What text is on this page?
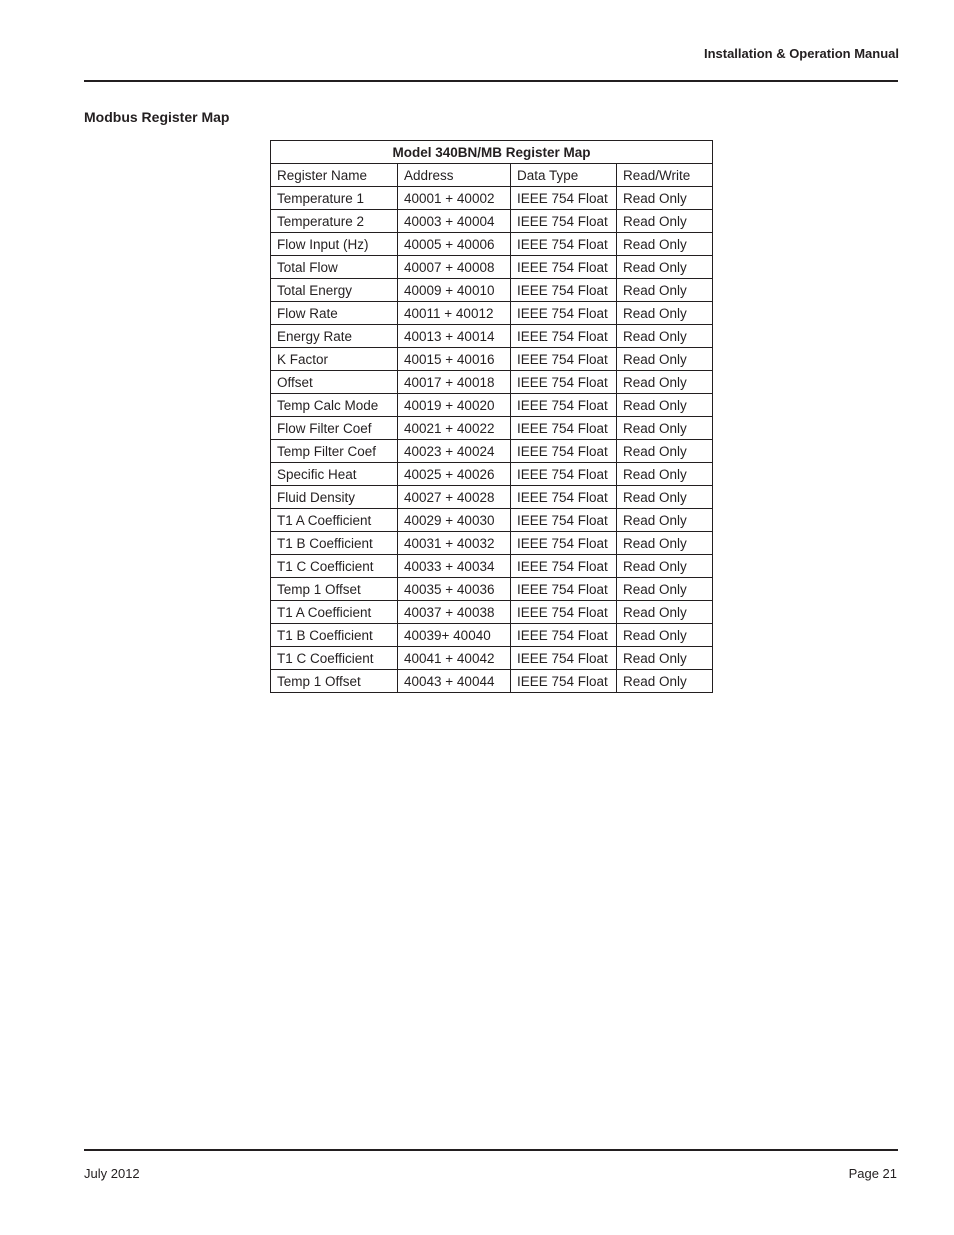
Installation & Operation Manual
Modbus Register Map
Model 340BN/MB Register Map			
Register Name	Address	Data Type	Read/Write
Temperature 1	40001 + 40002	IEEE 754 Float	Read Only
Temperature 2	40003 + 40004	IEEE 754 Float	Read Only
Flow Input (Hz)	40005 + 40006	IEEE 754 Float	Read Only
Total Flow	40007 + 40008	IEEE 754 Float	Read Only
Total Energy	40009 + 40010	IEEE 754 Float	Read Only
Flow Rate	40011 + 40012	IEEE 754 Float	Read Only
Energy Rate	40013 + 40014	IEEE 754 Float	Read Only
K Factor	40015 + 40016	IEEE 754 Float	Read Only
Offset	40017 + 40018	IEEE 754 Float	Read Only
Temp Calc Mode	40019 + 40020	IEEE 754 Float	Read Only
Flow Filter Coef	40021 + 40022	IEEE 754 Float	Read Only
Temp Filter Coef	40023 + 40024	IEEE 754 Float	Read Only
Specific Heat	40025 + 40026	IEEE 754 Float	Read Only
Fluid Density	40027 + 40028	IEEE 754 Float	Read Only
T1 A Coefficient	40029 + 40030	IEEE 754 Float	Read Only
T1 B Coefficient	40031 + 40032	IEEE 754 Float	Read Only
T1 C Coefficient	40033 + 40034	IEEE 754 Float	Read Only
Temp 1 Offset	40035 + 40036	IEEE 754 Float	Read Only
T1 A Coefficient	40037 + 40038	IEEE 754 Float	Read Only
T1 B Coefficient	40039+ 40040	IEEE 754 Float	Read Only
T1 C Coefficient	40041 + 40042	IEEE 754 Float	Read Only
Temp 1 Offset	40043 + 40044	IEEE 754 Float	Read Only
July 2012	Page 21
